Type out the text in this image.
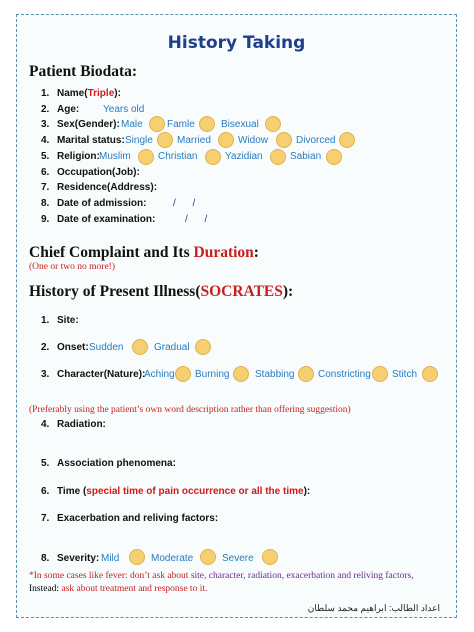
History Taking
Patient Biodata:
1. Name(Triple):
2. Age: Years old
3. Sex(Gender): Male Famle	Bisexual
4. Marital status: Single Married	Widow	Divorced
5. Religion: Muslim	Christian	Yazidian	Sabian
6. Occupation(Job):
7. Residence(Address):
8. Date of admission:	/      /
9. Date of examination:	/      /
Chief Complaint and Its Duration:
(One or two no more!)
History of Present Illness(SOCRATES):
1. Site:
2. Onset: Sudden	Gradual
3. Character(Nature):
Aching Burning	Stabbing Constricting Stitch
(Preferably using the patient’s own word description rather than offering suggestion)
4. Radiation:
5. Association phenomena:
6. Time (special time of pain occurrence or all the time):
7. Exacerbation and reliving factors:
8. Severity: Mild	Moderate	Severe
*In some cases like fever: don’t ask about site, character, radiation, exacerbation and reliving factors,
Instead: ask about treatment and response to it.
اعداد الطالب: ابراهيم محمد سلطان
